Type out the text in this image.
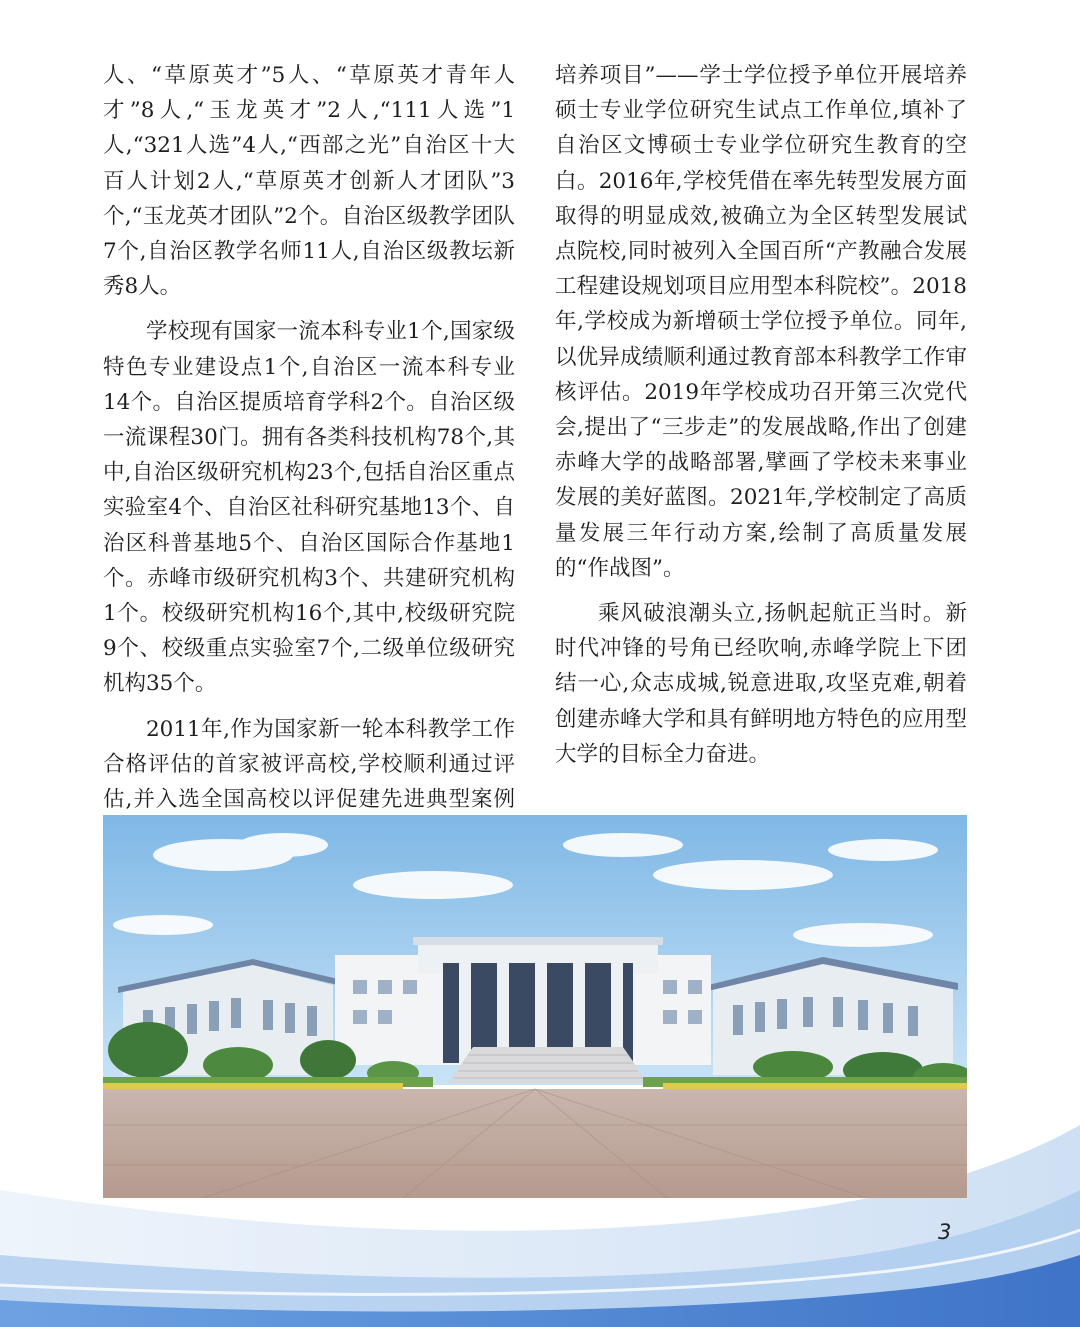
人、“草原英才”5人、“草原英才青年人才”8人,“玉龙英才”2人,“111人选”1人,“321人选”4人,“西部之光”自治区十大百人计划2人,“草原英才创新人才团队”3个,“玉龙英才团队”2个。自治区级教学团队7个,自治区教学名师11人,自治区级教坛新秀8人。

学校现有国家一流本科专业1个,国家级特色专业建设点1个,自治区一流本科专业14个。自治区提质培育学科2个。自治区级一流课程30门。拥有各类科技机构78个,其中,自治区级研究机构23个,包括自治区重点实验室4个、自治区社科研究基地13个、自治区科普基地5个、自治区国际合作基地1个。赤峰市级研究机构3个、共建研究机构1个。校级研究机构16个,其中,校级研究院9个、校级重点实验室7个,二级单位级研究机构35个。

2011年,作为国家新一轮本科教学工作合格评估的首家被评高校,学校顺利通过评估,并入选全国高校以评促建先进典型案例

培养项目”——学士学位授予单位开展培养硕士专业学位研究生试点工作单位,填补了自治区文博硕士专业学位研究生教育的空白。2016年,学校凭借在率先转型发展方面取得的明显成效,被确立为全区转型发展试点院校,同时被列入全国百所“产教融合发展工程建设规划项目应用型本科院校”。2018年,学校成为新增硕士学位授予单位。同年,以优异成绩顺利通过教育部本科教学工作审核评估。2019年学校成功召开第三次党代会,提出了“三步走”的发展战略,作出了创建赤峰大学的战略部署,擘画了学校未来事业发展的美好蓝图。2021年,学校制定了高质量发展三年行动方案,绘制了高质量发展的“作战图”。

乘风破浪潮头立,扬帆起航正当时。新时代冲锋的号角已经吹响,赤峰学院上下团结一心,众志成城,锐意进取,攻坚克难,朝着创建赤峰大学和具有鲜明地方特色的应用型大学的目标全力奋进。

3
